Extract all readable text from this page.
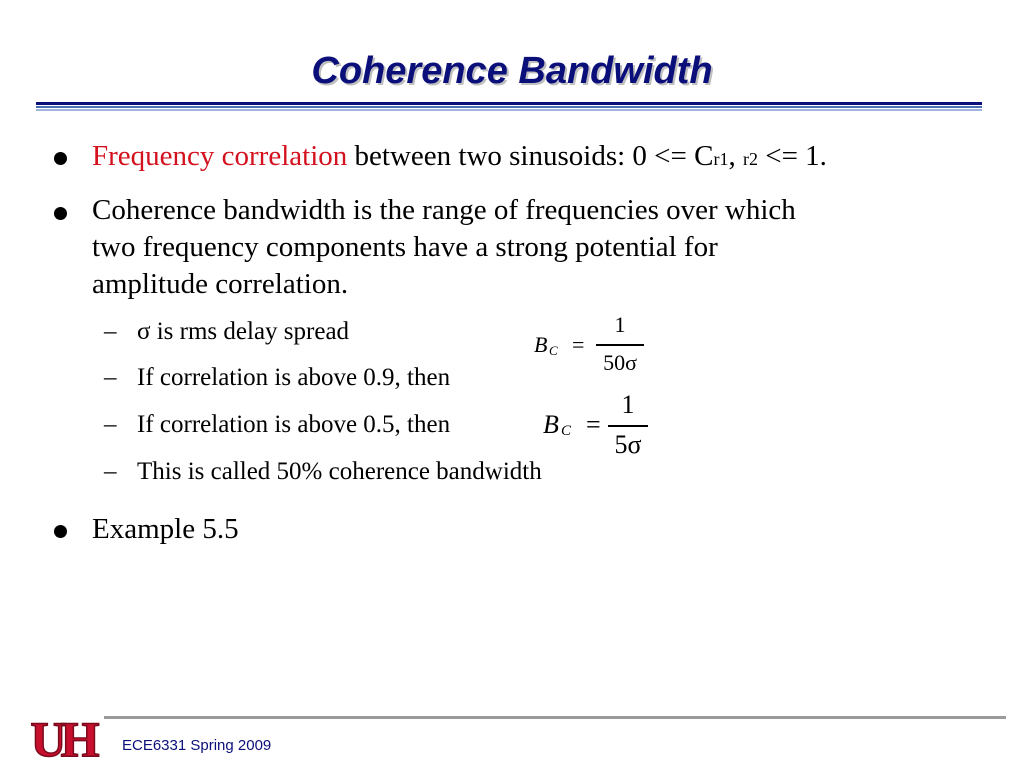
Coherence Bandwidth
Frequency correlation between two sinusoids: 0 <= Cr1, r2 <= 1.
Coherence bandwidth is the range of frequencies over which
two frequency components have a strong potential for
amplitude correlation.
– σ is rms delay spread
– If correlation is above 0.9, then
– If correlation is above 0.5, then
– This is called 50% coherence bandwidth
B C =
1
50σ
B C =
1
5σ
Example 5.5
UH	ECE6331 Spring 2009
